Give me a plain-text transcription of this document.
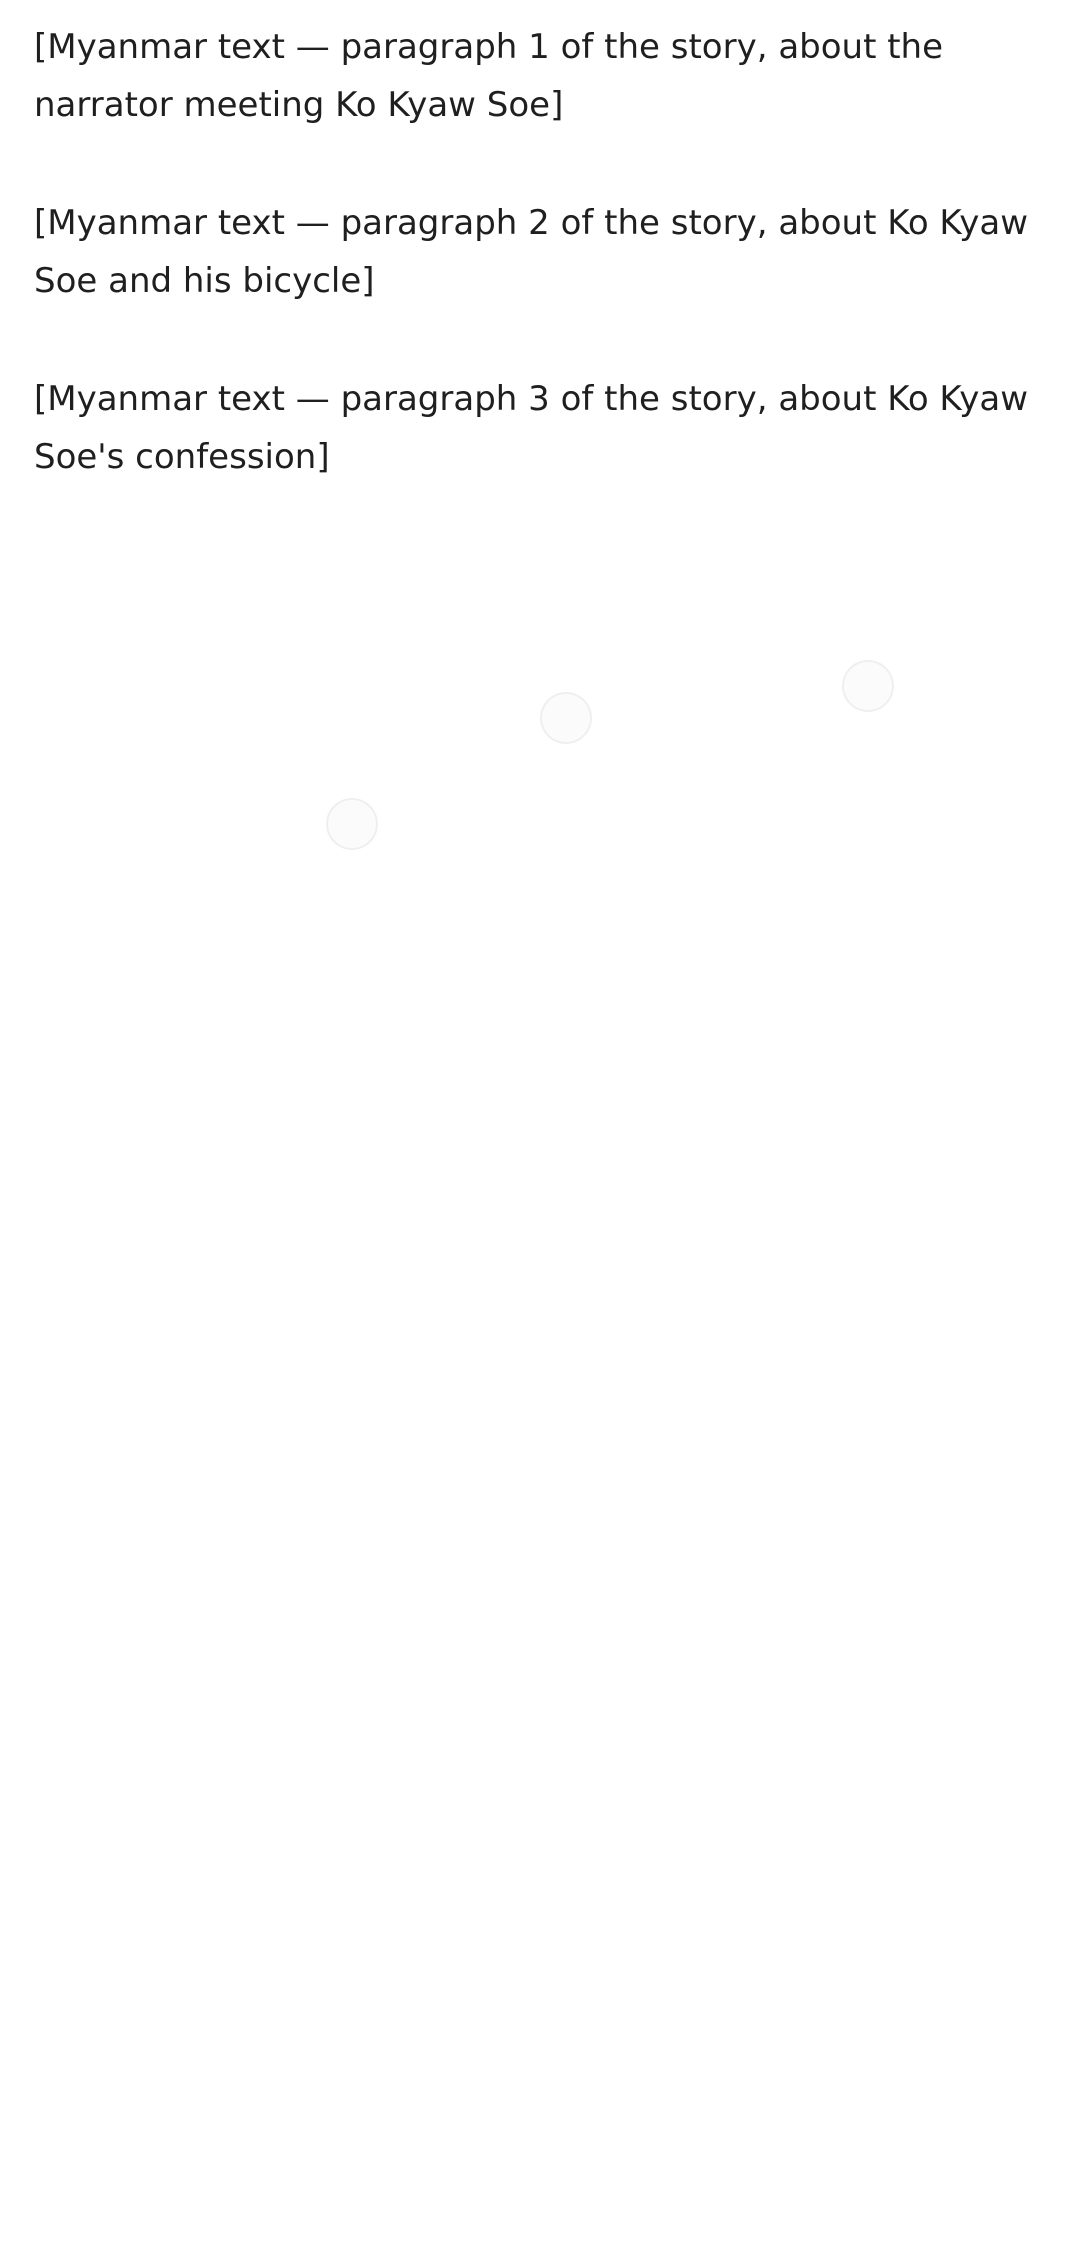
[Myanmar text — paragraph 1 of the story, about the narrator meeting Ko Kyaw Soe]

[Myanmar text — paragraph 2 of the story, about Ko Kyaw Soe and his bicycle]

[Myanmar text — paragraph 3 of the story, about Ko Kyaw Soe's confession]
